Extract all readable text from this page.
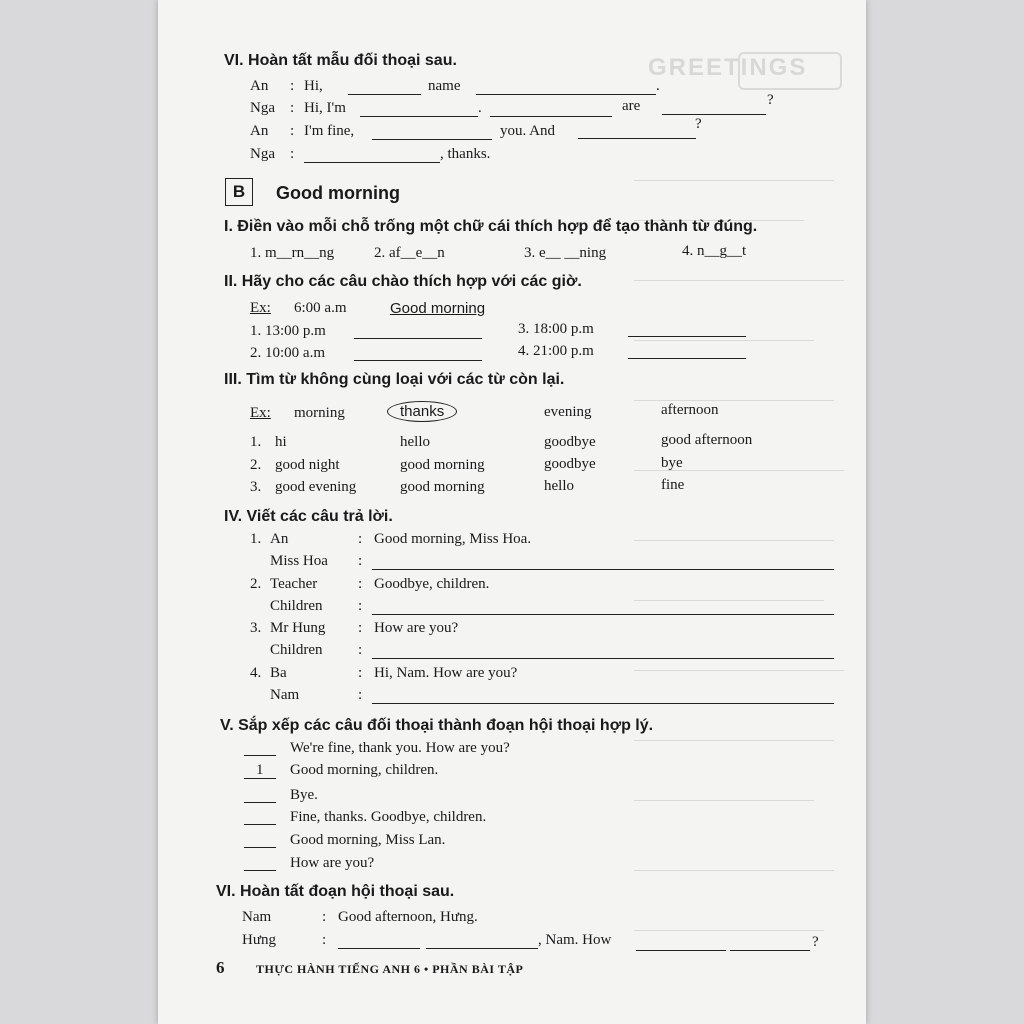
GREETINGS
VI. Hoàn tất mẫu đối thoại sau.
An : Hi,	name	.
Nga : Hi, I'm	.	are	?
An : I'm fine,	you. And	?
Nga :	, thanks.
B	Good morning
I. Điền vào mỗi chỗ trống một chữ cái thích hợp để tạo thành từ đúng.
1. m__rn__ng	2. af__e__n	3. e__ __ning	4. n__g__t
II. Hãy cho các câu chào thích hợp với các giờ.
Ex: 6:00 a.m	Good morning
1. 13:00 p.m	3. 18:00 p.m
2. 10:00 a.m	4. 21:00 p.m
III. Tìm từ không cùng loại với các từ còn lại.
Ex: morning	thanks	evening	afternoon
1. hi	hello	goodbye	good afternoon
2. good night	good morning	goodbye	bye
3. good evening	good morning	hello	fine
IV. Viết các câu trả lời.
1. An	: Good morning, Miss Hoa.
Miss Hoa :
2. Teacher	: Goodbye, children.
Children :
3. Mr Hung : How are you?
Children :
4. Ba	: Hi, Nam. How are you?
Nam	:
V. Sắp xếp các câu đối thoại thành đoạn hội thoại hợp lý.
We're fine, thank you. How are you?
1 Good morning, children.
Bye.
Fine, thanks. Goodbye, children.
Good morning, Miss Lan.
How are you?
VI. Hoàn tất đoạn hội thoại sau.
Nam	: Good afternoon, Hưng.
Hưng	:	, Nam. How	?
6	THỰC HÀNH TIẾNG ANH 6 • PHẦN BÀI TẬP
